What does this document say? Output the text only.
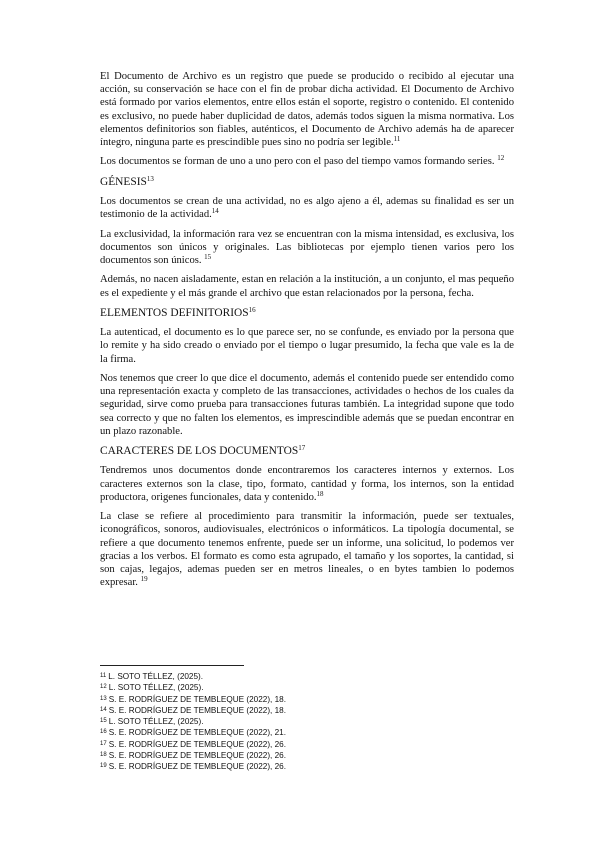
El Documento de Archivo es un registro que puede se producido o recibido al ejecutar una acción, su conservación se hace con el fin de probar dicha actividad. El Documento de Archivo está formado por varios elementos, entre ellos están el soporte, registro o contenido. El contenido es exclusivo, no puede haber duplicidad de datos, además todos siguen la misma normativa. Los elementos definitorios son fiables, auténticos, el Documento de Archivo además ha de aparecer íntegro, ninguna parte es prescindible pues sino no podría ser legible.$^{11}$

Los documentos se forman de uno a uno pero con el paso del tiempo vamos formando series. $^{12}$

GÉNESIS$^{13}$

Los documentos se crean de una actividad, no es algo ajeno a él, ademas su finalidad es ser un testimonio de la actividad.$^{14}$

La exclusividad, la información rara vez se encuentran con la misma intensidad, es exclusiva, los documentos son únicos y originales. Las bibliotecas por ejemplo tienen varios pero los documentos son únicos. $^{15}$

Además, no nacen aisladamente, estan en relación a la institución, a un conjunto, el mas pequeño es el expediente y el más grande el archivo que estan relacionados por la persona, fecha.

ELEMENTOS DEFINITORIOS$^{16}$

La autenticad, el documento es lo que parece ser, no se confunde, es enviado por la persona que lo remite y ha sido creado o enviado por el tiempo o lugar presumido, la fecha que vale es la de la firma.

Nos tenemos que creer lo que dice el documento, además el contenido puede ser entendido como una representación exacta y completo de las transacciones, actividades o hechos de los cuales da seguridad, sirve como prueba para transacciones futuras también. La integridad supone que todo sea correcto y que no falten los elementos, es imprescindible además que se puedan encontrar en un plazo razonable.

CARACTERES DE LOS DOCUMENTOS$^{17}$

Tendremos unos documentos donde encontraremos los caracteres internos y externos. Los caracteres externos son la clase, tipo, formato, cantidad y forma, los internos, son la entidad productora, origenes funcionales, data y contenido.$^{18}$

La clase se refiere al procedimiento para transmitir la información, puede ser textuales, iconográficos, sonoros, audiovisuales, electrónicos o informáticos. La tipología documental, se refiere a que documento tenemos enfrente, puede ser un informe, una solicitud, lo podemos ver gracias a los verbos. El formato es como esta agrupado, el tamaño y los soportes, la cantidad, si son cajas, legajos, ademas pueden ser en metros lineales, o en bytes tambien lo podemos expresar. $^{19}$

$^{11}$ L. SOTO TÉLLEZ, (2025).
$^{12}$ L. SOTO TÉLLEZ, (2025).
$^{13}$ S. E. RODRÍGUEZ DE TEMBLEQUE (2022), 18.
$^{14}$ S. E. RODRÍGUEZ DE TEMBLEQUE (2022), 18.
$^{15}$ L. SOTO TÉLLEZ, (2025).
$^{16}$ S. E. RODRÍGUEZ DE TEMBLEQUE (2022), 21.
$^{17}$ S. E. RODRÍGUEZ DE TEMBLEQUE (2022), 26.
$^{18}$ S. E. RODRÍGUEZ DE TEMBLEQUE (2022), 26.
$^{19}$ S. E. RODRÍGUEZ DE TEMBLEQUE (2022), 26.
